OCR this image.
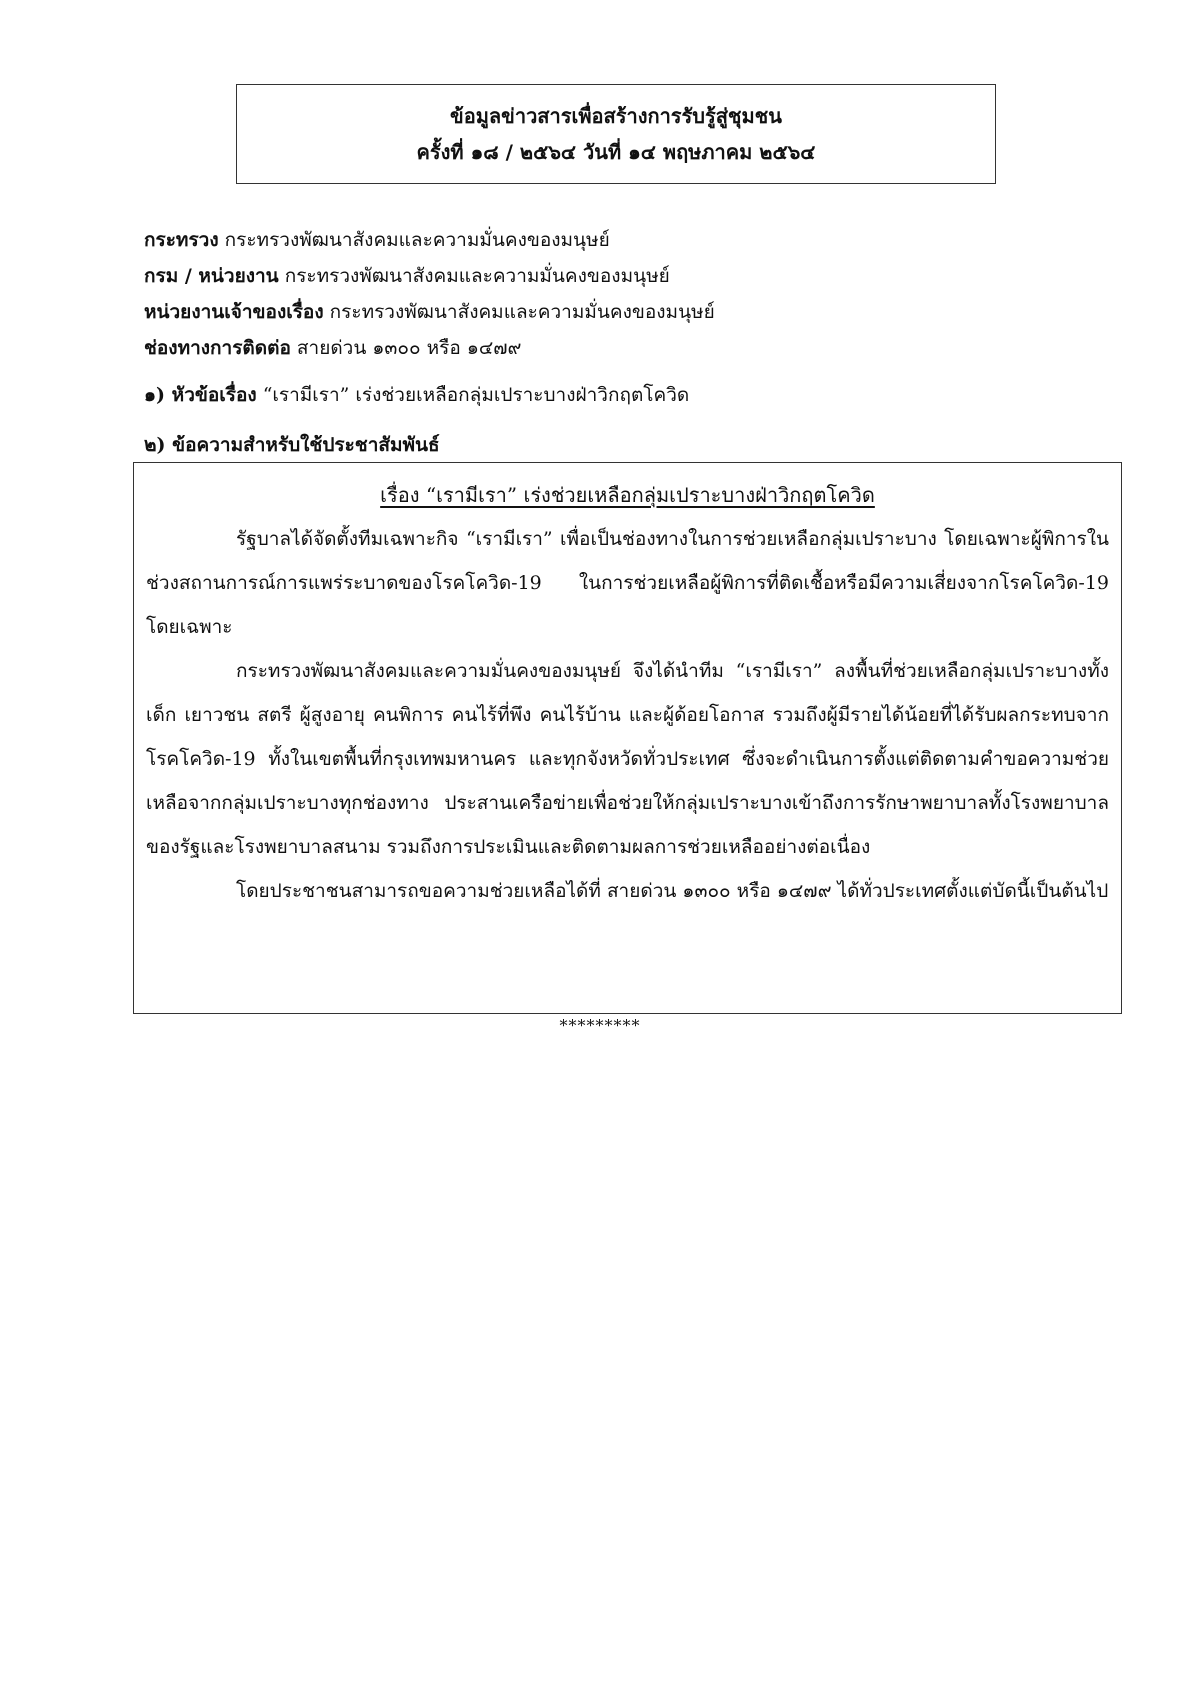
ข้อมูลข่าวสารเพื่อสร้างการรับรู้สู่ชุมชน
ครั้งที่ ๑๘ / ๒๕๖๔ วันที่ ๑๔ พฤษภาคม ๒๕๖๔
กระทรวง กระทรวงพัฒนาสังคมและความมั่นคงของมนุษย์
กรม / หน่วยงาน กระทรวงพัฒนาสังคมและความมั่นคงของมนุษย์
หน่วยงานเจ้าของเรื่อง กระทรวงพัฒนาสังคมและความมั่นคงของมนุษย์
ช่องทางการติดต่อ สายด่วน ๑๓๐๐ หรือ ๑๔๗๙
๑) หัวข้อเรื่อง “เรามีเรา” เร่งช่วยเหลือกลุ่มเปราะบางฝ่าวิกฤตโควิด
๒) ข้อความสำหรับใช้ประชาสัมพันธ์
เรื่อง “เรามีเรา” เร่งช่วยเหลือกลุ่มเปราะบางฝ่าวิกฤตโควิด

รัฐบาลได้จัดตั้งทีมเฉพาะกิจ “เรามีเรา” เพื่อเป็นช่องทางในการช่วยเหลือกลุ่มเปราะบาง โดยเฉพาะผู้พิการในช่วงสถานการณ์การแพร่ระบาดของโรคโควิด-19 ในการช่วยเหลือผู้พิการที่ติดเชื้อหรือมีความเสี่ยงจากโรคโควิด-19 โดยเฉพาะ

กระทรวงพัฒนาสังคมและความมั่นคงของมนุษย์ จึงได้นำทีม “เรามีเรา” ลงพื้นที่ช่วยเหลือกลุ่มเปราะบางทั้งเด็ก เยาวชน สตรี ผู้สูงอายุ คนพิการ คนไร้ที่พึง คนไร้บ้าน และผู้ด้อยโอกาส รวมถึงผู้มีรายได้น้อยที่ได้รับผลกระทบจากโรคโควิด-19 ทั้งในเขตพื้นที่กรุงเทพมหานคร และทุกจังหวัดทั่วประเทศ ซึ่งจะดำเนินการตั้งแต่ติดตามคำขอความช่วยเหลือจากกลุ่มเปราะบางทุกช่องทาง ประสานเครือข่ายเพื่อช่วยให้กลุ่มเปราะบางเข้าถึงการรักษาพยาบาลทั้งโรงพยาบาลของรัฐและโรงพยาบาลสนาม รวมถึงการประเมินและติดตามผลการช่วยเหลืออย่างต่อเนื่อง

โดยประชาชนสามารถขอความช่วยเหลือได้ที่ สายด่วน ๑๓๐๐ หรือ ๑๔๗๙ ได้ทั่วประเทศตั้งแต่บัดนี้เป็นต้นไป

*********
